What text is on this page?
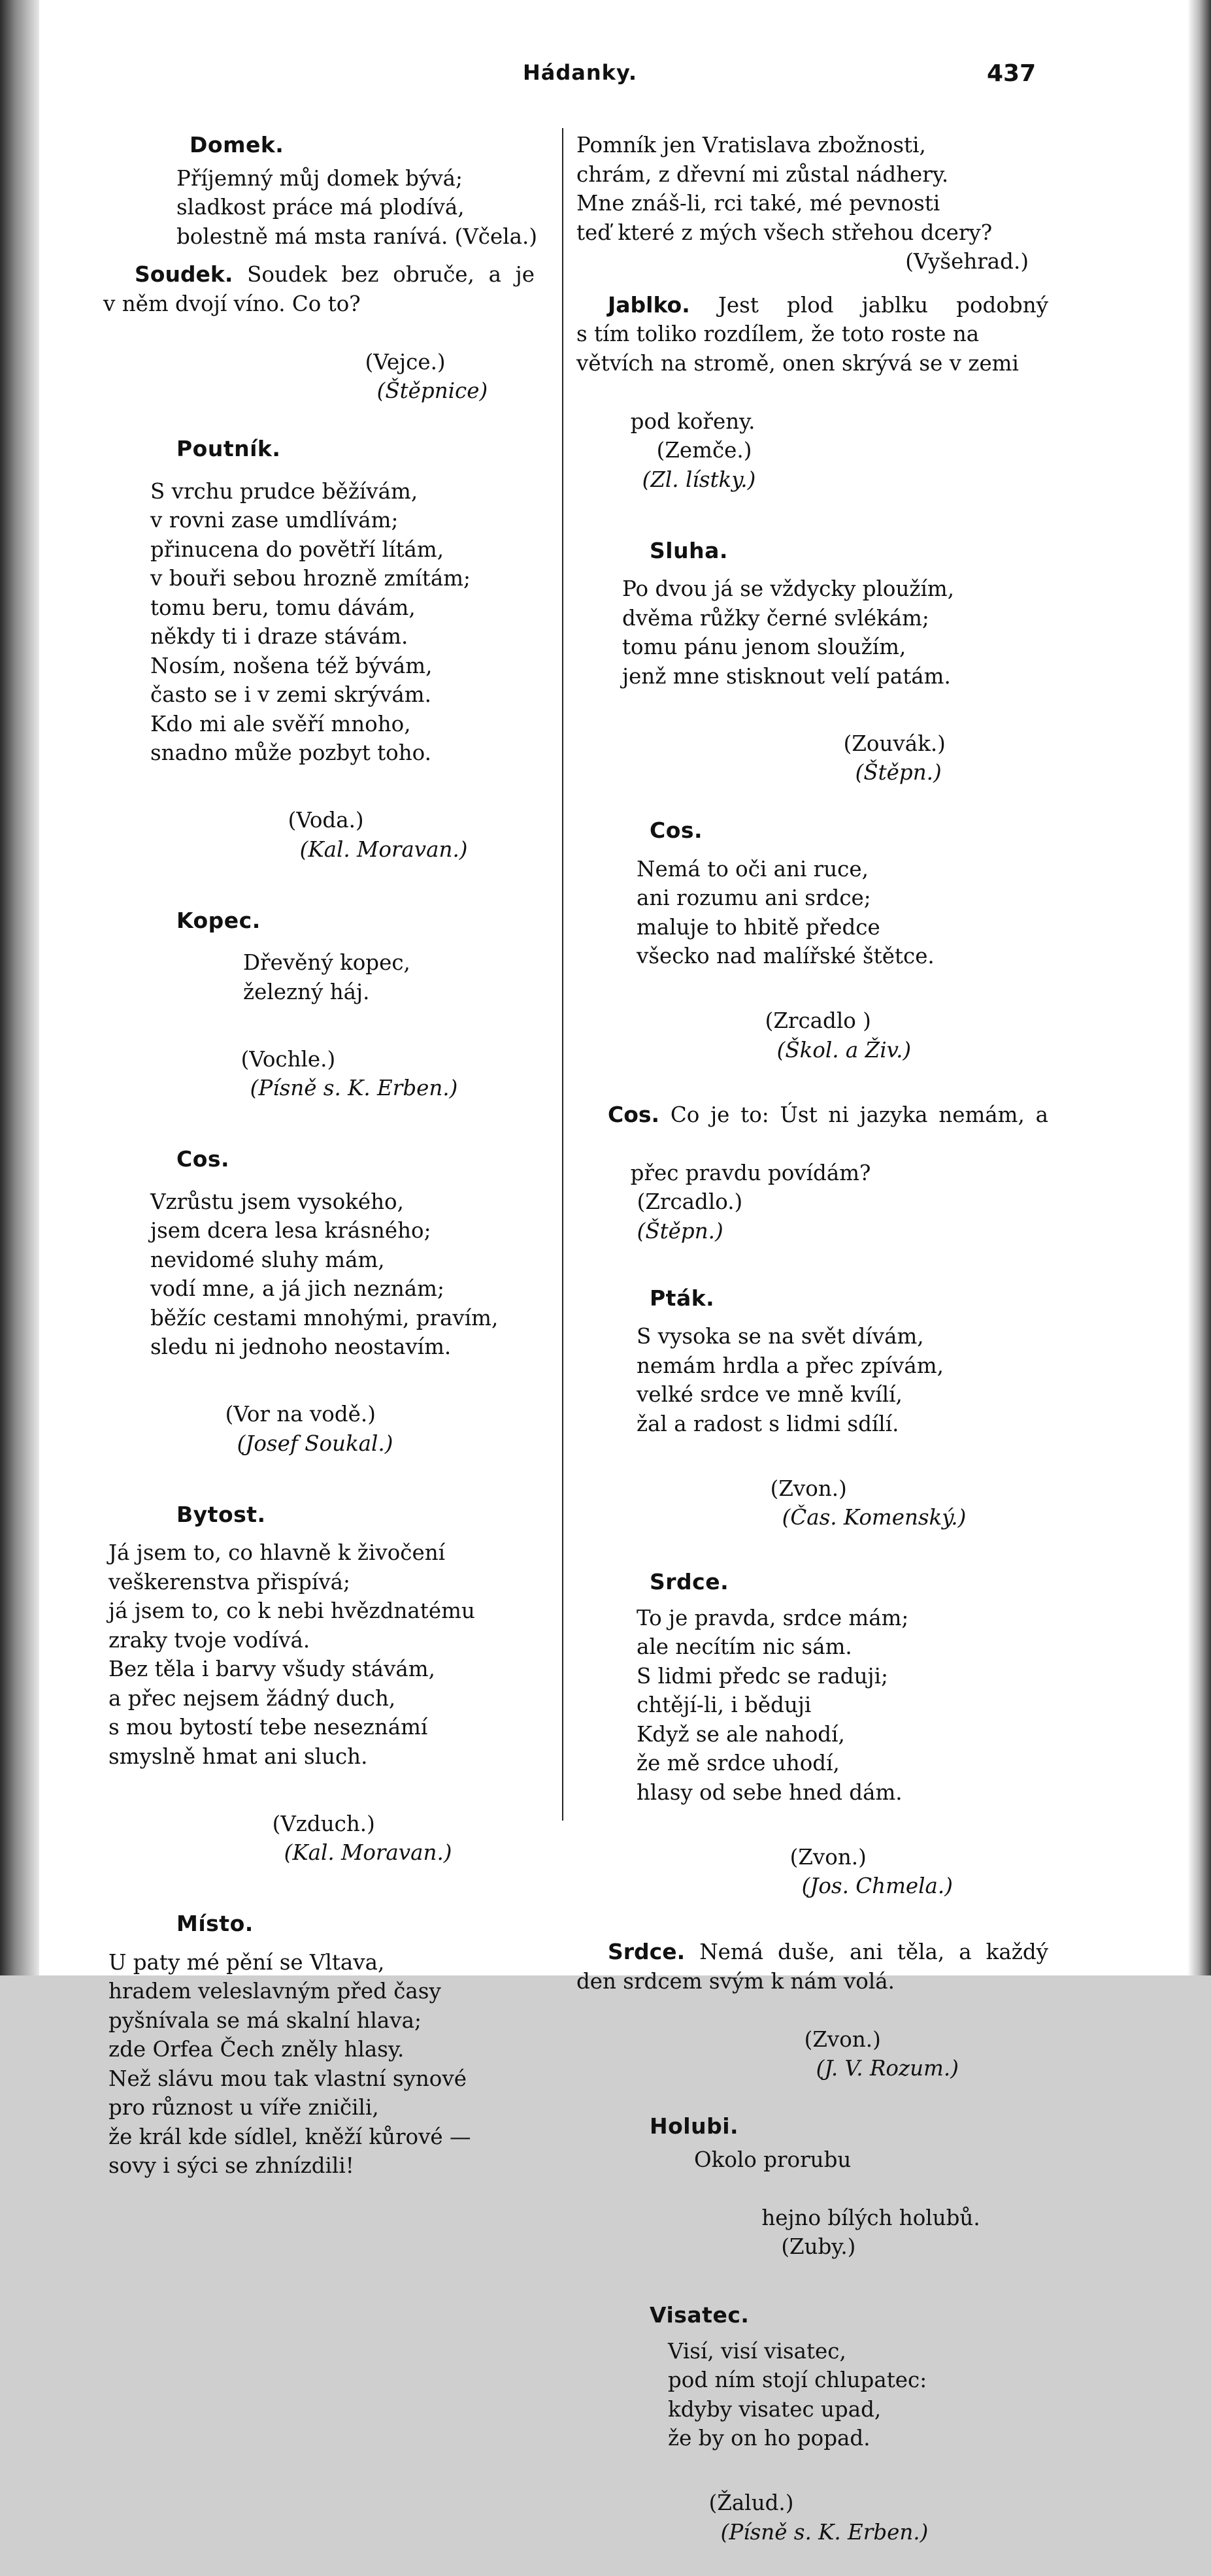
Hádanky.	437
Domek.
Příjemný můj domek bývá;
sladkost práce má plodívá,
bolestně má msta ranívá. (Včela.)
Soudek. Soudek bez obruče, a je
v něm dvojí víno. Co to?

(Vejce.)
(Štěpnice)

Poutník.
S vrchu prudce běžívám,
v rovni zase umdlívám;
přinucena do povětří lítám,
v bouři sebou hrozně zmítám;
tomu beru, tomu dávám,
někdy ti i draze stávám.
Nosím, nošena též bývám,
často se i v zemi skrývám.
Kdo mi ale svěří mnoho,
snadno může pozbyt toho.

(Voda.)
(Kal. Moravan.)

Kopec.
Dřevěný kopec,
železný háj.

(Vochle.)
(Písně s. K. Erben.)

Cos.
Vzrůstu jsem vysokého,
jsem dcera lesa krásného;
nevidomé sluhy mám,
vodí mne, a já jich neznám;
běžíc cestami mnohými, pravím,
sledu ni jednoho neostavím.

(Vor na vodě.)
(Josef Soukal.)

Bytost.
Já jsem to, co hlavně k živočení
veškerenstva přispívá;
já jsem to, co k nebi hvězdnatému
zraky tvoje vodívá.
Bez těla i barvy všudy stávám,
a přec nejsem žádný duch,
s mou bytostí tebe neseznámí
smyslně hmat ani sluch.

(Vzduch.)
(Kal. Moravan.)

Místo.
U paty mé pění se Vltava,
hradem veleslavným před časy
pyšnívala se má skalní hlava;
zde Orfea Čech zněly hlasy.
Než slávu mou tak vlastní synové
pro různost u víře zničili,
že král kde sídlel, kněží kůrové —
sovy i sýci se zhnízdili!
Pomník jen Vratislava zbožnosti,
chrám, z dřevní mi zůstal nádhery.
Mne znáš-li, rci také, mé pevnosti
teď které z mých všech střehou dcery?
(Vyšehrad.)
Jablko. Jest plod jablku podobný
s tím toliko rozdílem, že toto roste na
větvích na stromě, onen skrývá se v zemi

pod kořeny.
(Zemče.)
(Zl. lístky.)

Sluha.
Po dvou já se vždycky ploužím,
dvěma růžky černé svlékám;
tomu pánu jenom sloužím,
jenž mne stisknout velí patám.

(Zouvák.)
(Štěpn.)

Cos.
Nemá to oči ani ruce,
ani rozumu ani srdce;
maluje to hbitě předce
všecko nad malířské štětce.

(Zrcadlo )
(Škol. a Živ.)

Cos. Co je to: Úst ni jazyka nemám, a

přec pravdu povídám?
(Zrcadlo.)
(Štěpn.)

Pták.
S vysoka se na svět dívám,
nemám hrdla a přec zpívám,
velké srdce ve mně kvílí,
žal a radost s lidmi sdílí.

(Zvon.)
(Čas. Komenský.)

Srdce.
To je pravda, srdce mám;
ale necítím nic sám.
S lidmi předc se raduji;
chtějí-li, i běduji
Když se ale nahodí,
že mě srdce uhodí,
hlasy od sebe hned dám.

(Zvon.)
(Jos. Chmela.)

Srdce. Nemá duše, ani těla, a každý
den srdcem svým k nám volá.

(Zvon.)
(J. V. Rozum.)

Holubi.
Okolo prorubu

hejno bílých holubů.
(Zuby.)

Visatec.
Visí, visí visatec,
pod ním stojí chlupatec:
kdyby visatec upad,
že by on ho popad.

(Žalud.)
(Písně s. K. Erben.)
